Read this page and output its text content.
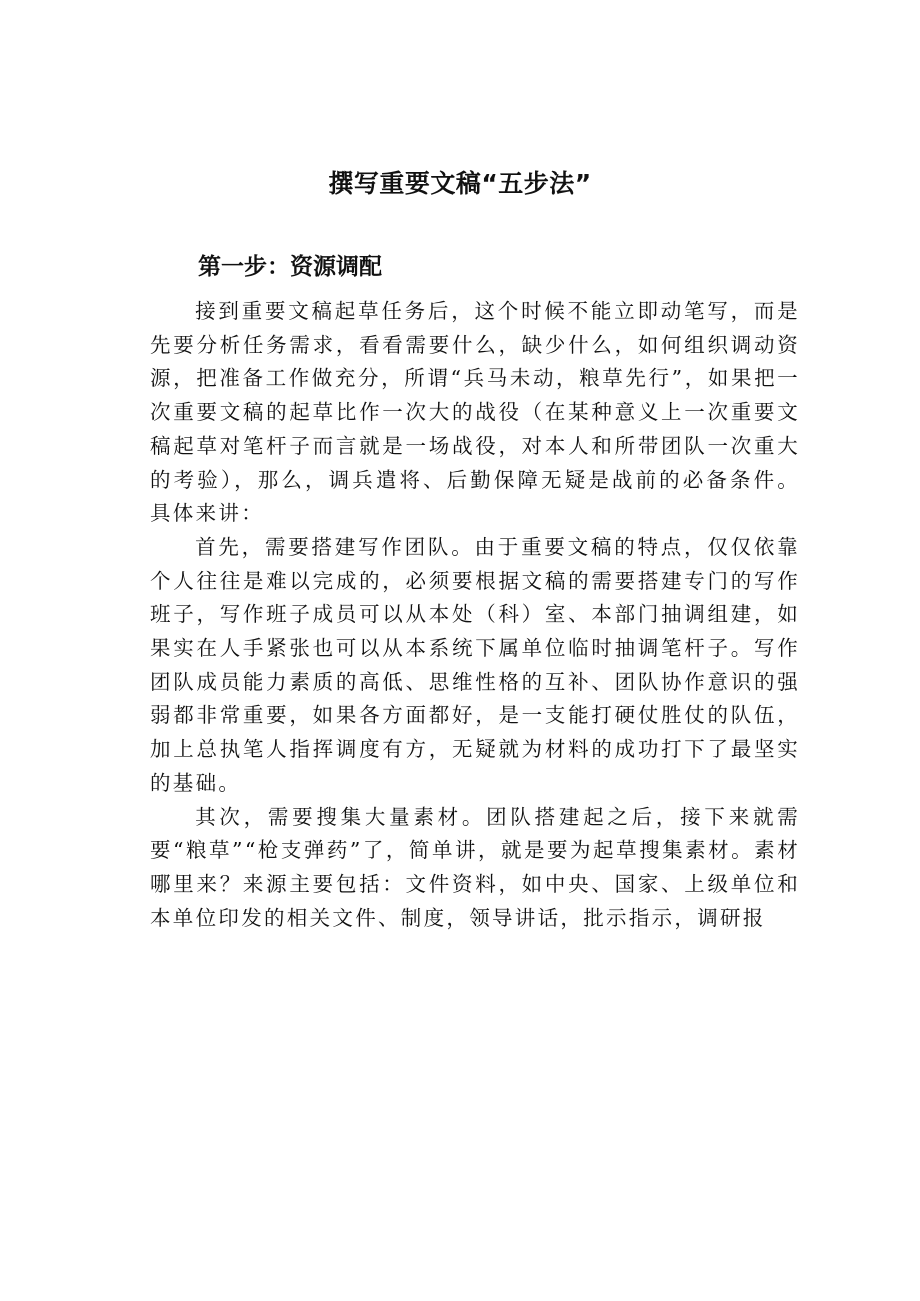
撰写重要文稿“五步法”
第一步：资源调配

接到重要文稿起草任务后，这个时候不能立即动笔写，而是先要分析任务需求，看看需要什么，缺少什么，如何组织调动资源，把准备工作做充分，所谓“兵马未动，粮草先行”，如果把一次重要文稿的起草比作一次大的战役（在某种意义上一次重要文稿起草对笔杆子而言就是一场战役，对本人和所带团队一次重大的考验），那么，调兵遣将、后勤保障无疑是战前的必备条件。具体来讲：

首先，需要搭建写作团队。由于重要文稿的特点，仅仅依靠个人往往是难以完成的，必须要根据文稿的需要搭建专门的写作班子，写作班子成员可以从本处（科）室、本部门抽调组建，如果实在人手紧张也可以从本系统下属单位临时抽调笔杆子。写作团队成员能力素质的高低、思维性格的互补、团队协作意识的强弱都非常重要，如果各方面都好，是一支能打硬仗胜仗的队伍，加上总执笔人指挥调度有方，无疑就为材料的成功打下了最坚实的基础。

其次，需要搜集大量素材。团队搭建起之后，接下来就需要“粮草”“枪支弹药”了，简单讲，就是要为起草搜集素材。素材哪里来？来源主要包括：文件资料，如中央、国家、上级单位和本单位印发的相关文件、制度，领导讲话，批示指示，调研报
